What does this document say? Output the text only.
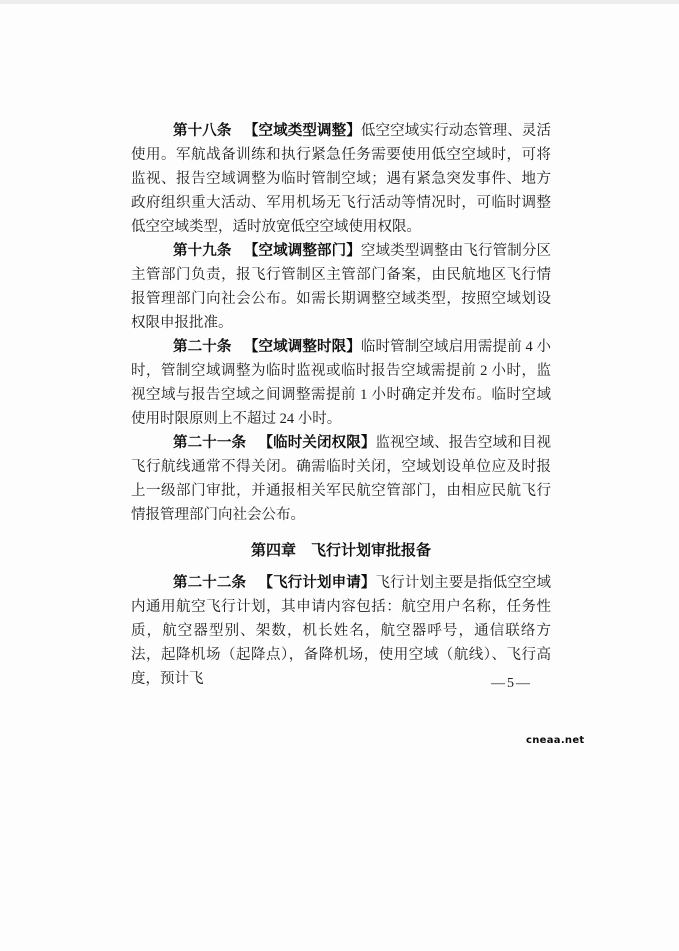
第十八条 【空域类型调整】低空空域实行动态管理、灵活使用。军航战备训练和执行紧急任务需要使用低空空域时，可将监视、报告空域调整为临时管制空域；遇有紧急突发事件、地方政府组织重大活动、军用机场无飞行活动等情况时，可临时调整低空空域类型，适时放宽低空空域使用权限。

第十九条 【空域调整部门】空域类型调整由飞行管制分区主管部门负责，报飞行管制区主管部门备案，由民航地区飞行情报管理部门向社会公布。如需长期调整空域类型，按照空域划设权限申报批准。

第二十条 【空域调整时限】临时管制空域启用需提前 4 小时，管制空域调整为临时监视或临时报告空域需提前 2 小时，监视空域与报告空域之间调整需提前 1 小时确定并发布。临时空域使用时限原则上不超过 24 小时。

第二十一条 【临时关闭权限】监视空域、报告空域和目视飞行航线通常不得关闭。确需临时关闭，空域划设单位应及时报上一级部门审批，并通报相关军民航空管部门，由相应民航飞行情报管理部门向社会公布。

第四章 飞行计划审批报备

第二十二条 【飞行计划申请】飞行计划主要是指低空空域内通用航空飞行计划，其申请内容包括：航空用户名称，任务性质，航空器型别、架数，机长姓名，航空器呼号，通信联络方法，起降机场（起降点），备降机场，使用空域（航线）、飞行高度，预计飞	—5—
cneaa.net
